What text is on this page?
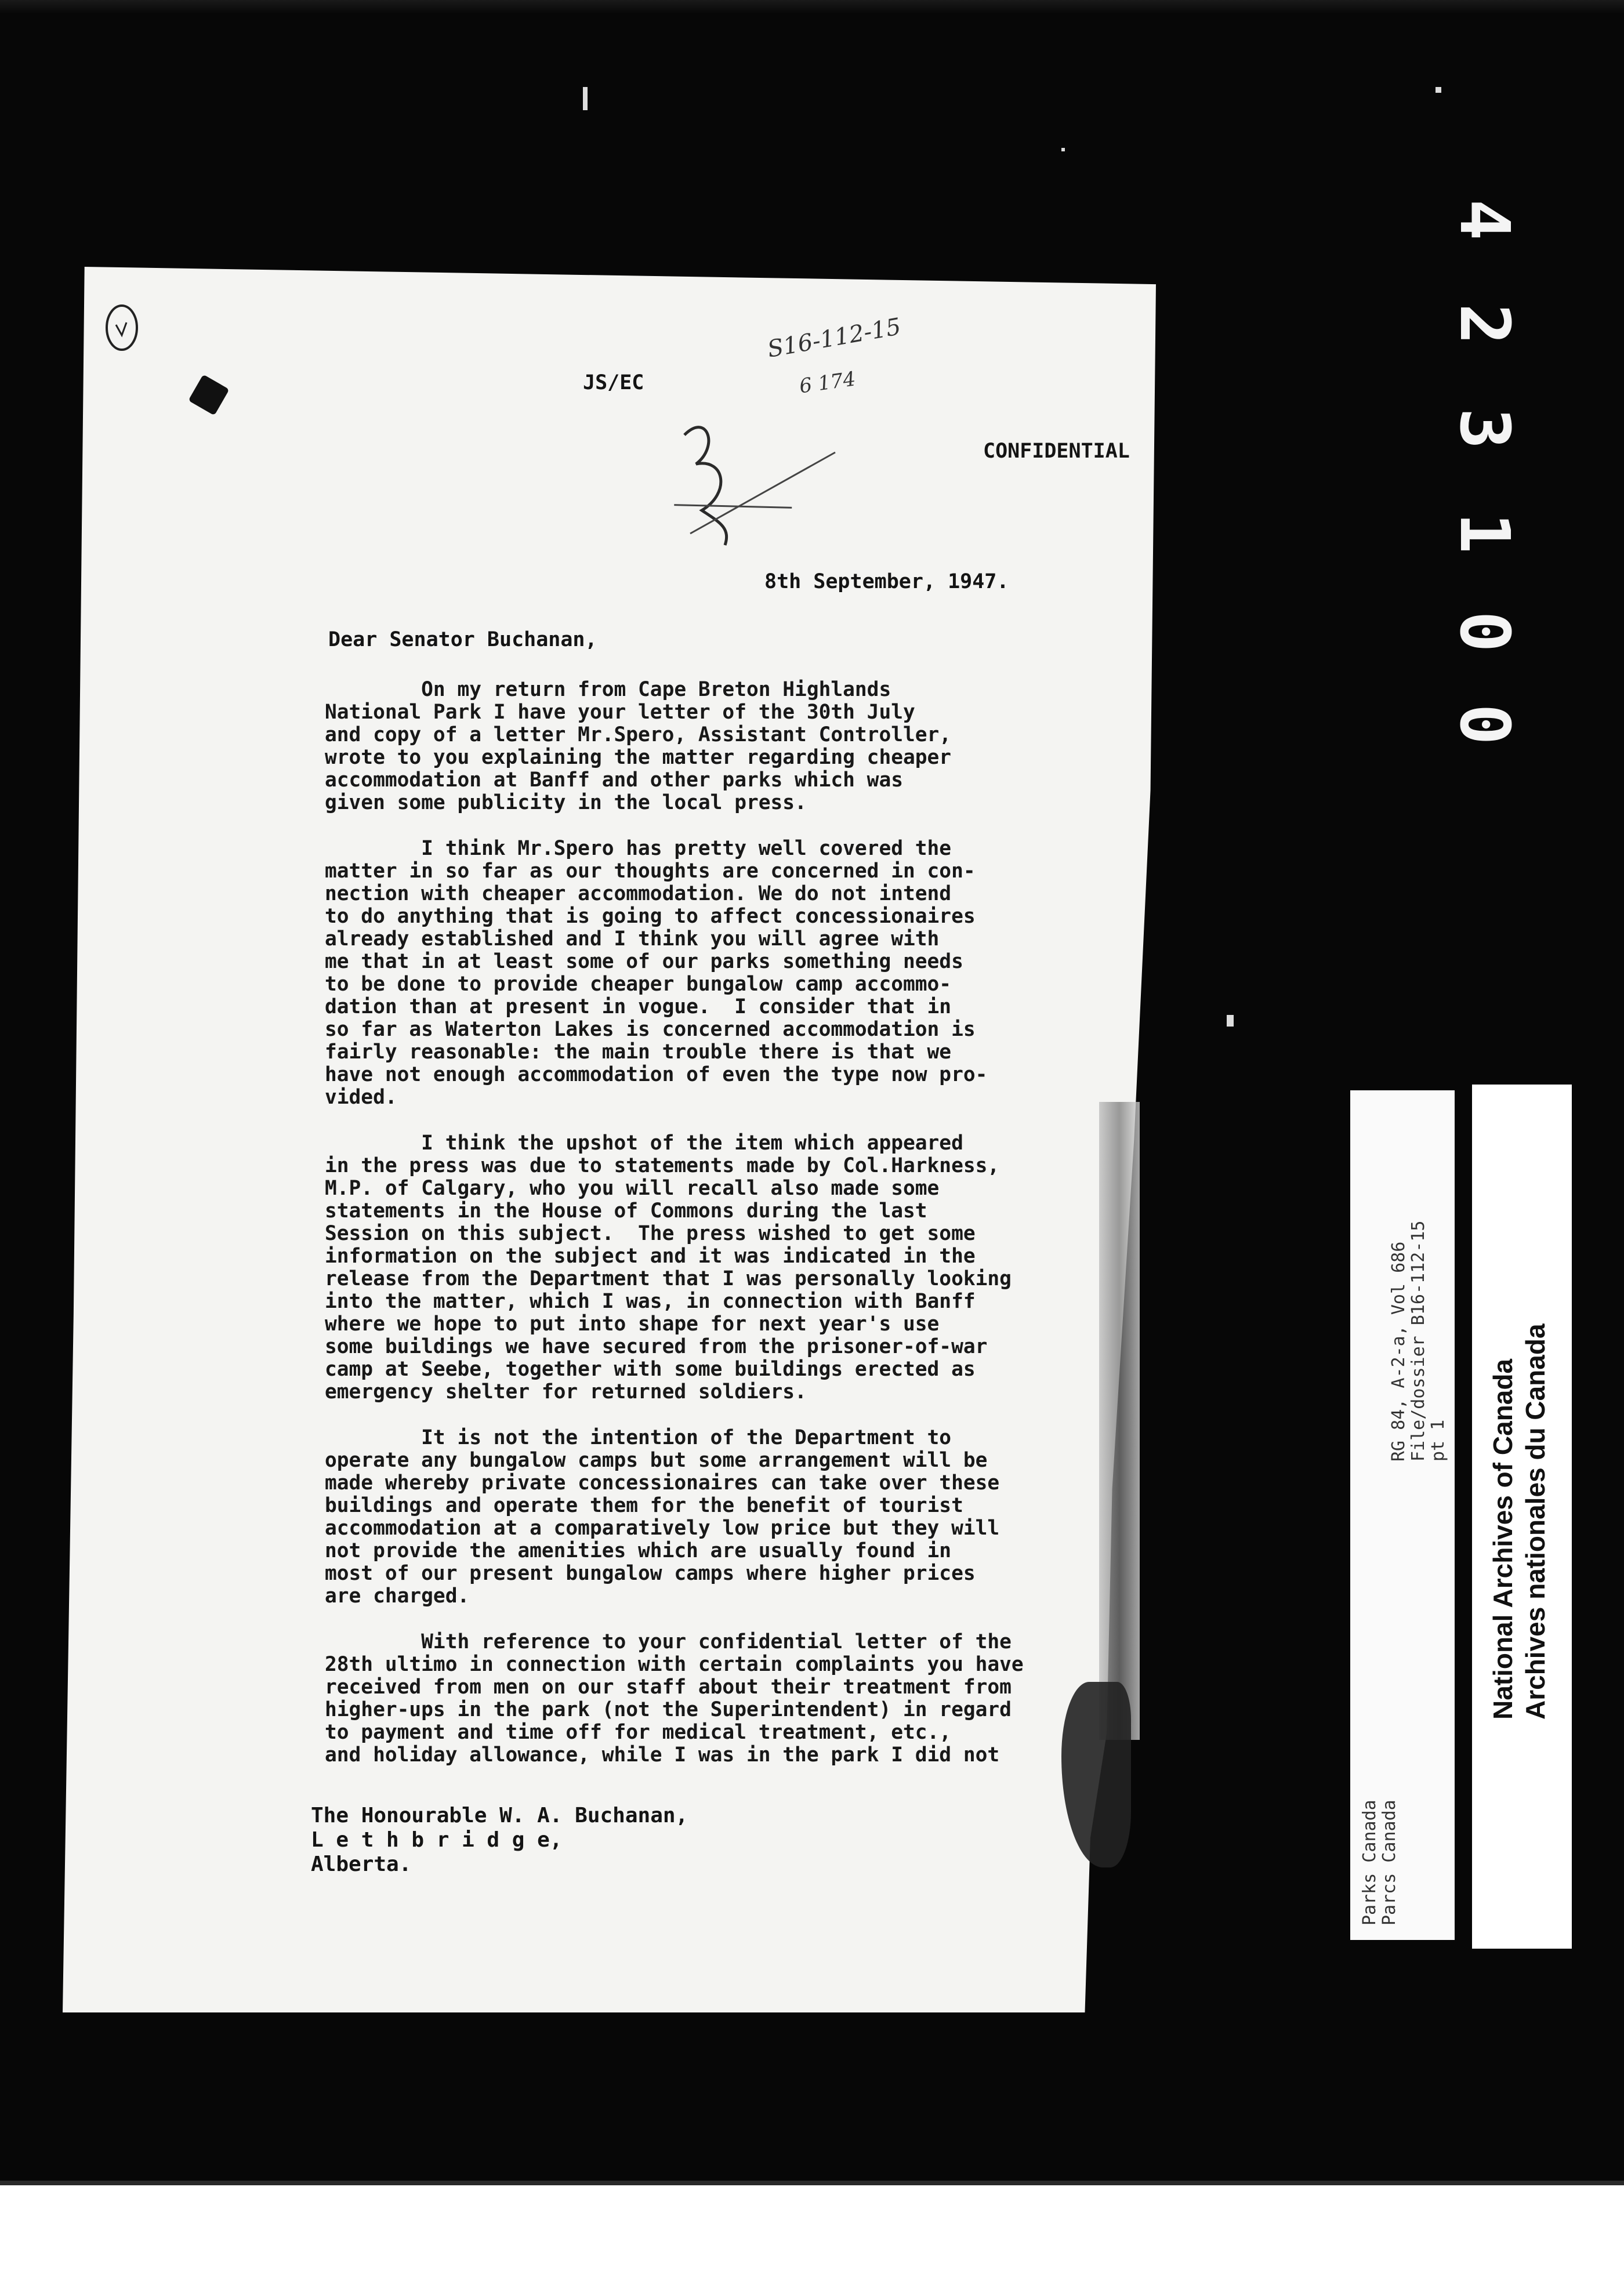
4
2
3
1
0
0
JS/EC
S16-112-15
6 174
CONFIDENTIAL
8th September, 1947.
Dear Senator Buchanan,
On my return from Cape Breton Highlands
National Park I have your letter of the 30th July
and copy of a letter Mr.Spero, Assistant Controller,
wrote to you explaining the matter regarding cheaper
accommodation at Banff and other parks which was
given some publicity in the local press.
I think Mr.Spero has pretty well covered the
matter in so far as our thoughts are concerned in con-
nection with cheaper accommodation. We do not intend
to do anything that is going to affect concessionaires
already established and I think you will agree with
me that in at least some of our parks something needs
to be done to provide cheaper bungalow camp accommo-
dation than at present in vogue.  I consider that in
so far as Waterton Lakes is concerned accommodation is
fairly reasonable: the main trouble there is that we
have not enough accommodation of even the type now pro-
vided.
I think the upshot of the item which appeared
in the press was due to statements made by Col.Harkness,
M.P. of Calgary, who you will recall also made some
statements in the House of Commons during the last
Session on this subject.  The press wished to get some
information on the subject and it was indicated in the
release from the Department that I was personally looking
into the matter, which I was, in connection with Banff
where we hope to put into shape for next year's use
some buildings we have secured from the prisoner-of-war
camp at Seebe, together with some buildings erected as
emergency shelter for returned soldiers.
It is not the intention of the Department to
operate any bungalow camps but some arrangement will be
made whereby private concessionaires can take over these
buildings and operate them for the benefit of tourist
accommodation at a comparatively low price but they will
not provide the amenities which are usually found in
most of our present bungalow camps where higher prices
are charged.
With reference to your confidential letter of the
28th ultimo in connection with certain complaints you have
received from men on our staff about their treatment from
higher-ups in the park (not the Superintendent) in regard
to payment and time off for medical treatment, etc.,
and holiday allowance, while I was in the park I did not
The Honourable W. A. Buchanan,
L e t h b r i d g e,
Alberta.
RG 84, A-2-a, Vol 686
File/dossier B16-112-15
pt 1
Parks Canada
Parcs Canada
National Archives of Canada
Archives nationales du Canada
